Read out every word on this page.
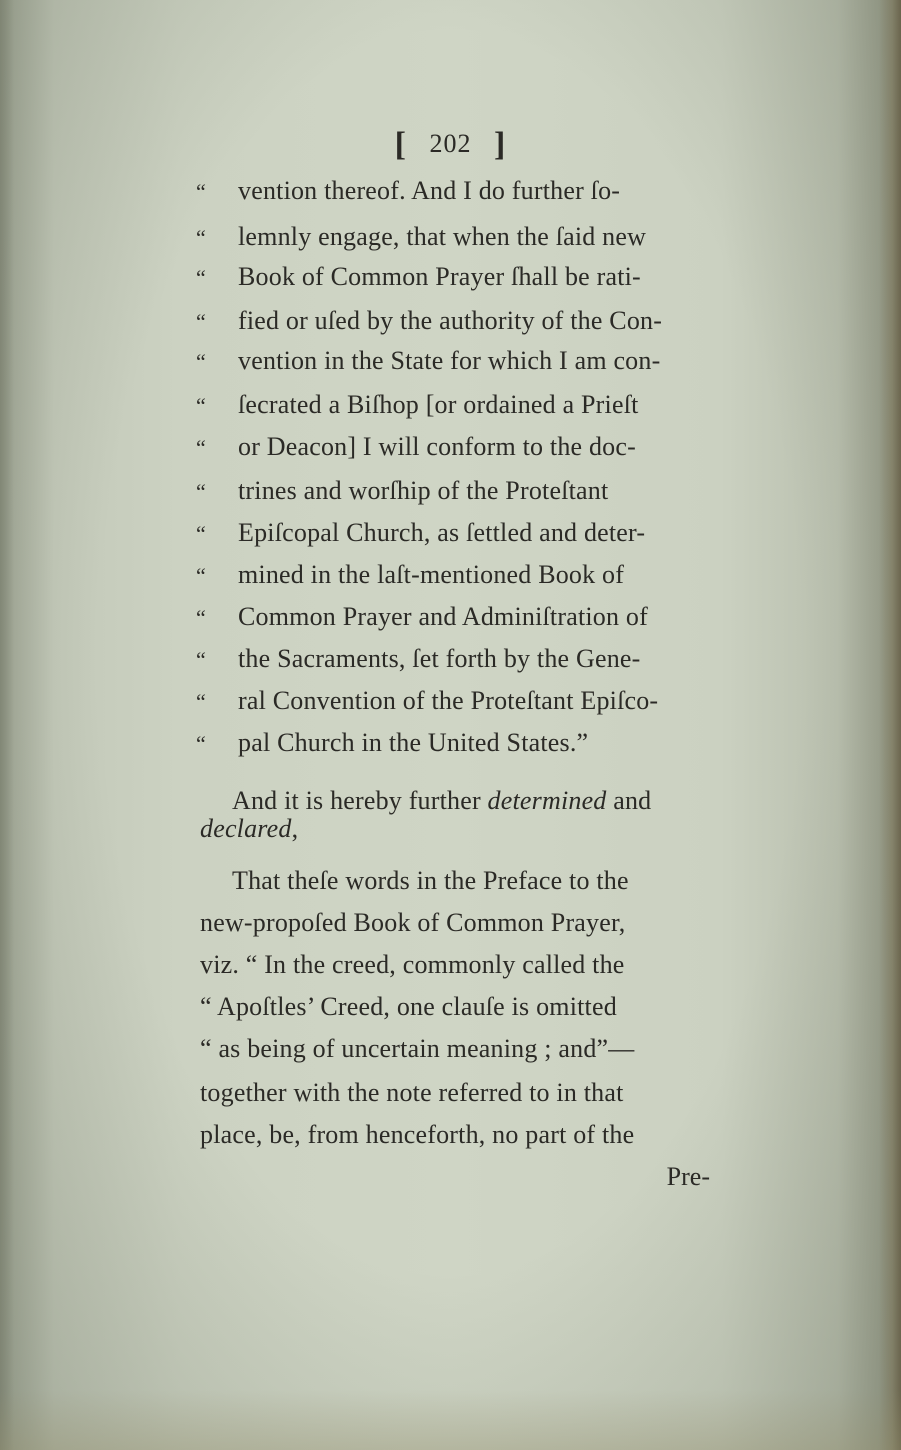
[ 202 ]
“ vention thereof. And I do further ſo-
“ lemnly engage, that when the ſaid new
“ Book of Common Prayer ſhall be rati-
“ fied or uſed by the authority of the Con-
“ vention in the State for which I am con-
“ ſecrated a Biſhop [or ordained a Prieſt
“ or Deacon] I will conform to the doc-
“ trines and worſhip of the Proteſtant
“ Epiſcopal Church, as ſettled and deter-
“ mined in the laſt-mentioned Book of
“ Common Prayer and Adminiſtration of
“ the Sacraments, ſet forth by the Gene-
“ ral Convention of the Proteſtant Epiſco-
“ pal Church in the United States.”
And it is hereby further determined and
declared,
That theſe words in the Preface to the
new-propoſed Book of Common Prayer,
viz. “ In the creed, commonly called the
“ Apoſtles’ Creed, one clauſe is omitted
“ as being of uncertain meaning ; and”—
together with the note referred to in that
place, be, from henceforth, no part of the
Pre-
